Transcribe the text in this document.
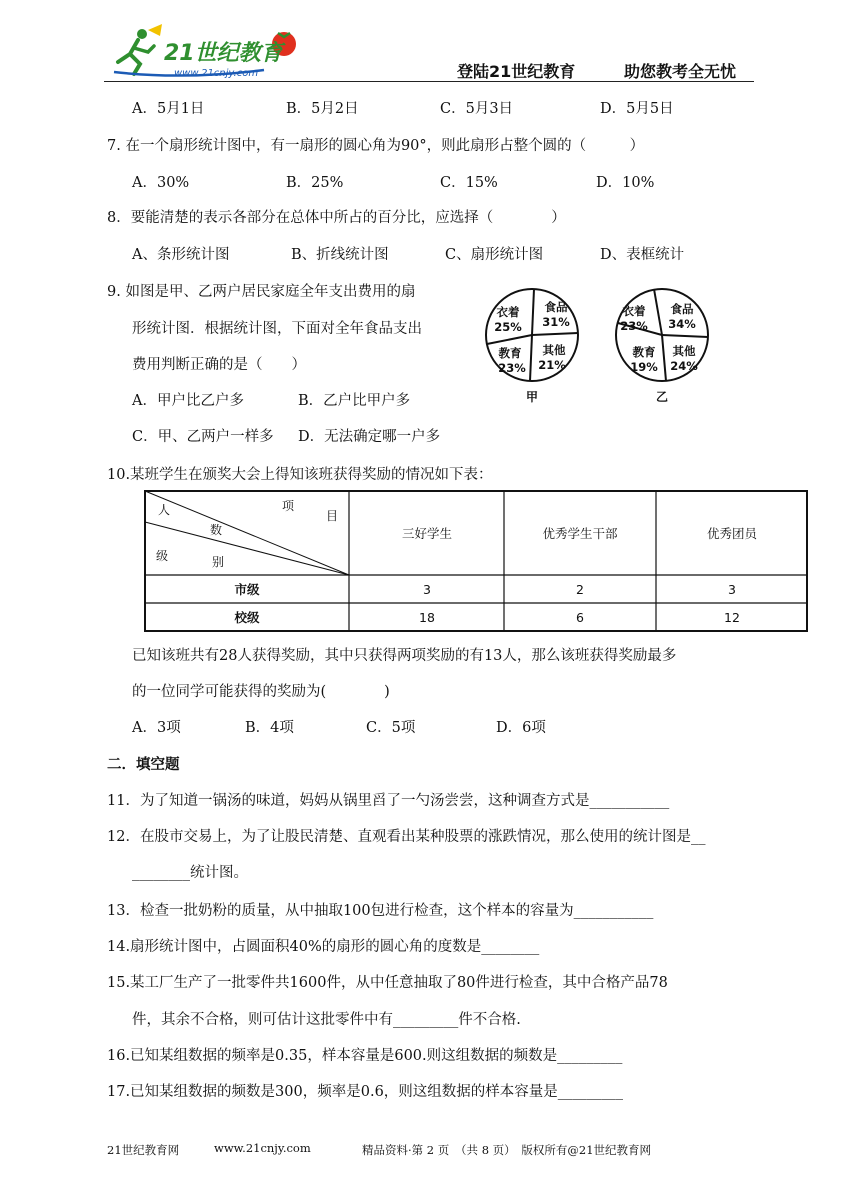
21世纪教育
www.21cnjy.com	登陆21世纪教育	助您教考全无忧
A．5月1日	B．5月2日	C．5月3日	D．5月5日
7. 在一个扇形统计图中，有一扇形的圆心角为90°，则此扇形占整个圆的（　　　）
A．30%	B．25%	C．15%	D．10%
8．要能清楚的表示各部分在总体中所占的百分比，应选择（　　　　）
A、条形统计图	B、折线统计图	C、扇形统计图	D、表框统计
9. 如图是甲、乙两户居民家庭全年支出费用的扇
形统计图．根据统计图，下面对全年食品支出
费用判断正确的是（　　）
A．甲户比乙户多	B．乙户比甲户多
C．甲、乙两户一样多 D．无法确定哪一户多
衣着
25%
食品
31%
其他
21%
教育
23%
甲
衣着
23%
食品
34%
其他
24%
教育
19%
乙
10.某班学生在颁奖大会上得知该班获得奖励的情况如下表：
人
数
项
目
级	别
三好学生	优秀学生干部	优秀团员
市级	3	2	3
校级	18	6	12
已知该班共有28人获得奖励，其中只获得两项奖励的有13人，那么该班获得奖励最多
的一位同学可能获得的奖励为(　　　　)
A．3项	B．4项	C．5项	D．6项
二．填空题
11．为了知道一锅汤的味道，妈妈从锅里舀了一勺汤尝尝，这种调查方式是___________
12．在股市交易上，为了让股民清楚、直观看出某种股票的涨跌情况，那么使用的统计图是__
________统计图。
13．检查一批奶粉的质量，从中抽取100包进行检查，这个样本的容量为___________
14.扇形统计图中，占圆面积40%的扇形的圆心角的度数是________
15.某工厂生产了一批零件共1600件，从中任意抽取了80件进行检查，其中合格产品78
件，其余不合格，则可估计这批零件中有_________件不合格.
16.已知某组数据的频率是0.35，样本容量是600.则这组数据的频数是_________
17.已知某组数据的频数是300，频率是0.6，则这组数据的样本容量是_________
21世纪教育网	www.21cnjy.com	精品资料·第 2 页　（共 8 页）　版权所有@21世纪教育网
